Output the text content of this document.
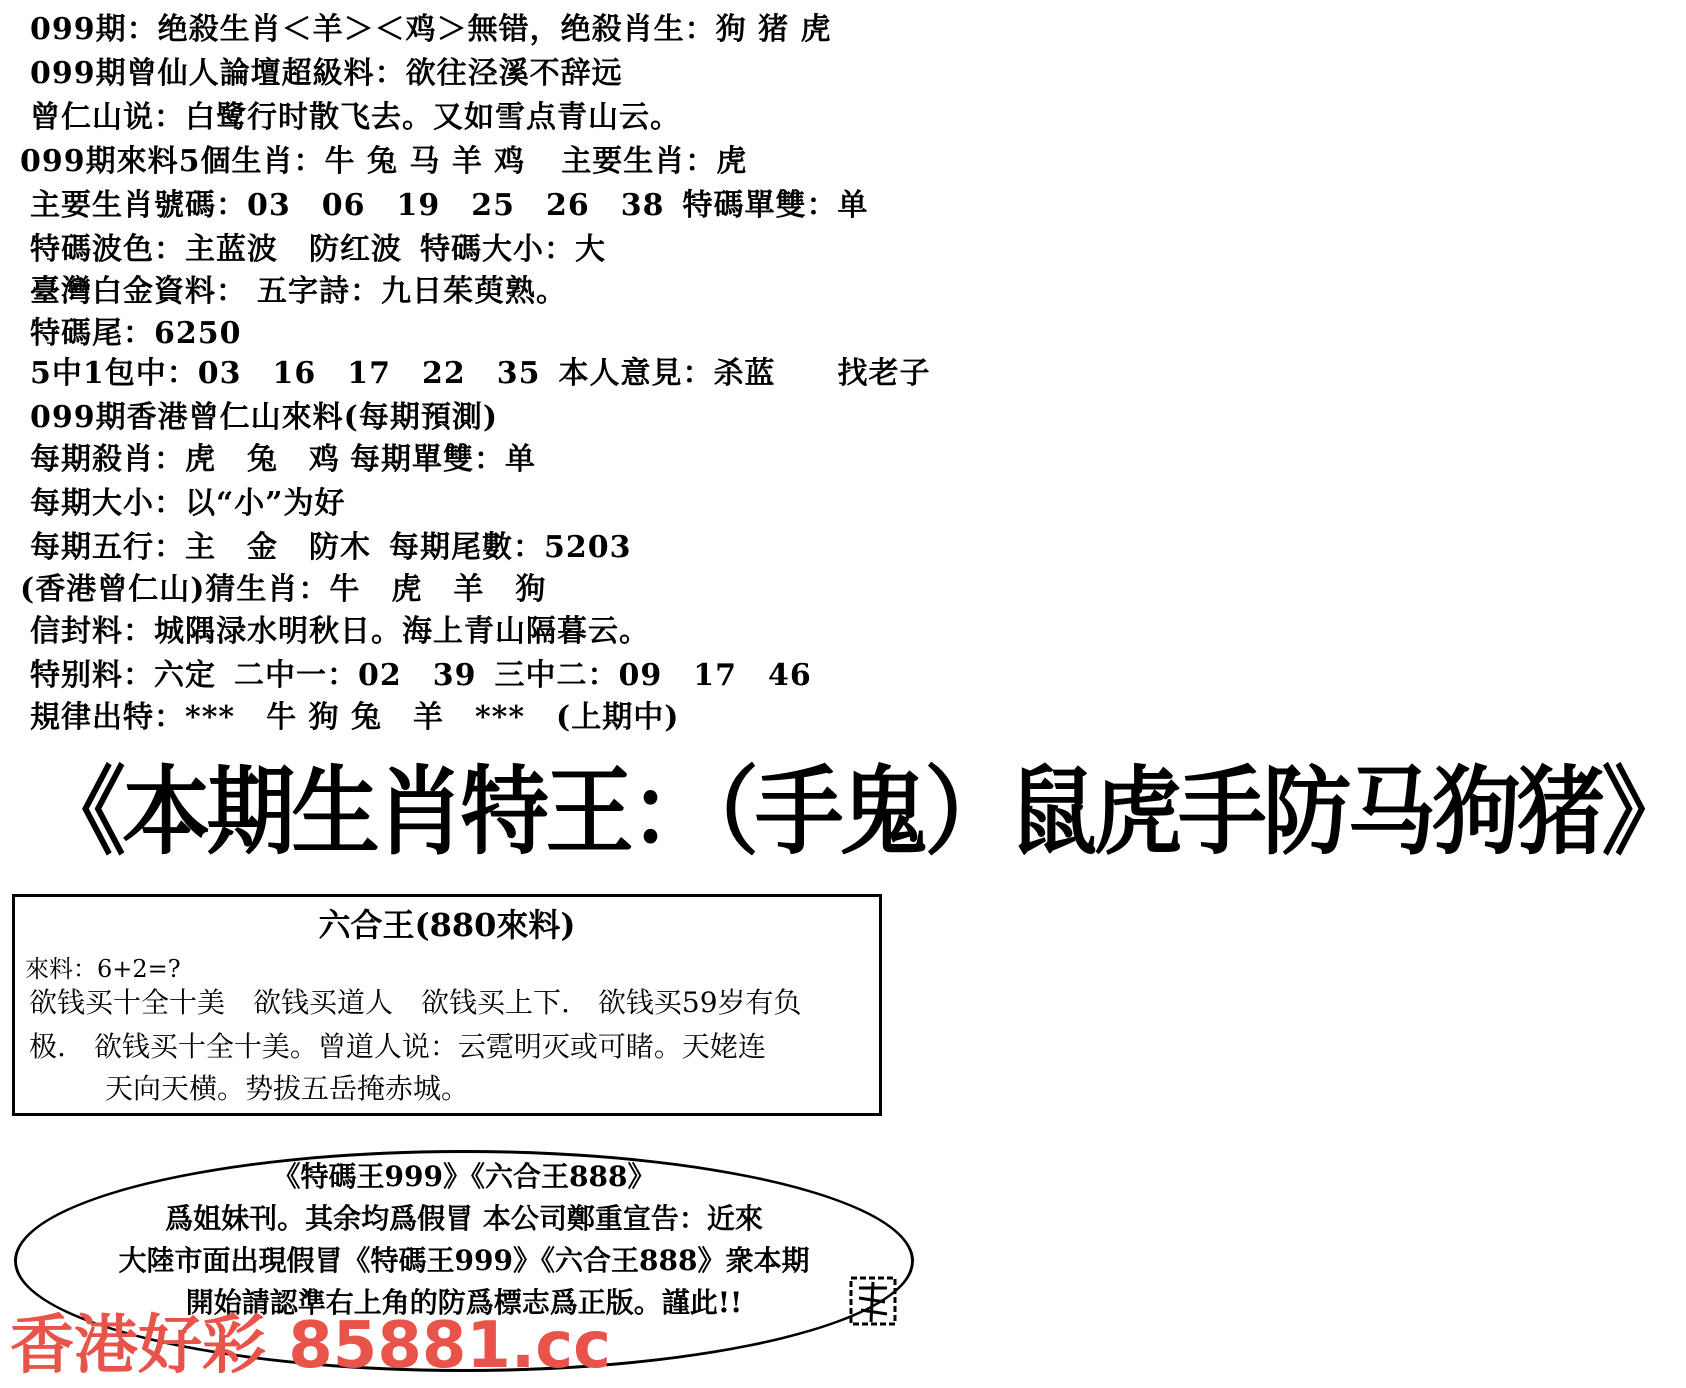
099期：绝殺生肖＜羊＞＜鸡＞無错，绝殺肖生：狗 猪 虎
099期曾仙人論壇超級料：欲往泾溪不辞远
曾仁山说：白鹭行时散飞去。又如雪点青山云。
099期來料5個生肖：牛 兔 马 羊 鸡 主要生肖：虎
主要生肖號碼：03　06　19　25　26　38 特碼單雙：单
特碼波色：主蓝波　防红波 特碼大小：大
臺灣白金資料： 五字詩：九日茱萸熟。
特碼尾：6250
5中1包中：03　16　17　22　35 本人意見：杀蓝　　找老子
099期香港曾仁山來料(每期預測)
每期殺肖：虎　兔　鸡 每期單雙：单
每期大小：以“小”为好
每期五行：主　金　防木 每期尾數：5203
(香港曾仁山)猜生肖：牛　虎　羊　狗
信封料：城隅渌水明秋日。海上青山隔暮云。
特别料：六定 二中一：02　39 三中二：09　17　46
規律出特：***　牛 狗 兔　羊　***　(上期中)
《本期生肖特王：（手鬼）鼠虎手防马狗猪》
六合王(880來料)
來料：6+2=?
欲钱买十全十美　欲钱买道人　欲钱买上下.　欲钱买59岁有负
极.　欲钱买十全十美。曾道人说：云霓明灭或可睹。天姥连
天向天横。势拔五岳掩赤城。
《特碼王999》《六合王888》
爲姐妹刊。其余均爲假冒 本公司鄭重宣告：近來
大陸市面出現假冒《特碼王999》《六合王888》衆本期
開始請認準右上角的防爲標志爲正版。謹此!!
香港好彩 85881.cc
